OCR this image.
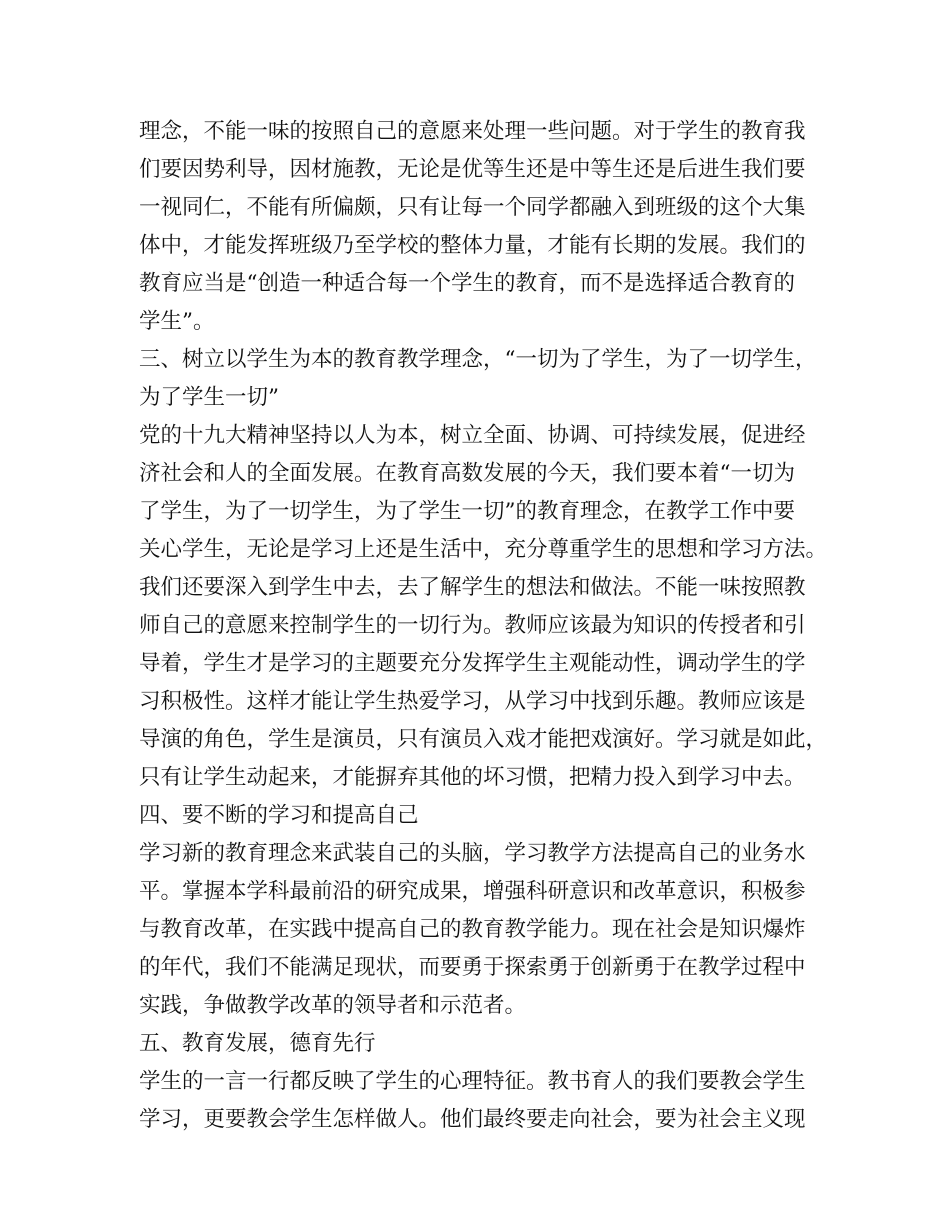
理念，不能一味的按照自己的意愿来处理一些问题。对于学生的教育我
们要因势利导，因材施教，无论是优等生还是中等生还是后进生我们要
一视同仁，不能有所偏颇，只有让每一个同学都融入到班级的这个大集
体中，才能发挥班级乃至学校的整体力量，才能有长期的发展。我们的
教育应当是“创造一种适合每一个学生的教育，而不是选择适合教育的
学生”。
三、树立以学生为本的教育教学理念，“一切为了学生，为了一切学生，
为了学生一切”
党的十九大精神坚持以人为本，树立全面、协调、可持续发展，促进经
济社会和人的全面发展。在教育高数发展的今天，我们要本着“一切为
了学生，为了一切学生，为了学生一切”的教育理念，在教学工作中要
关心学生，无论是学习上还是生活中，充分尊重学生的思想和学习方法。
我们还要深入到学生中去，去了解学生的想法和做法。不能一味按照教
师自己的意愿来控制学生的一切行为。教师应该最为知识的传授者和引
导着，学生才是学习的主题要充分发挥学生主观能动性，调动学生的学
习积极性。这样才能让学生热爱学习，从学习中找到乐趣。教师应该是
导演的角色，学生是演员，只有演员入戏才能把戏演好。学习就是如此，
只有让学生动起来，才能摒弃其他的坏习惯，把精力投入到学习中去。
四、要不断的学习和提高自己
学习新的教育理念来武装自己的头脑，学习教学方法提高自己的业务水
平。掌握本学科最前沿的研究成果，增强科研意识和改革意识，积极参
与教育改革，在实践中提高自己的教育教学能力。现在社会是知识爆炸
的年代，我们不能满足现状，而要勇于探索勇于创新勇于在教学过程中
实践，争做教学改革的领导者和示范者。
五、教育发展，德育先行
学生的一言一行都反映了学生的心理特征。教书育人的我们要教会学生
学习，更要教会学生怎样做人。他们最终要走向社会，要为社会主义现
